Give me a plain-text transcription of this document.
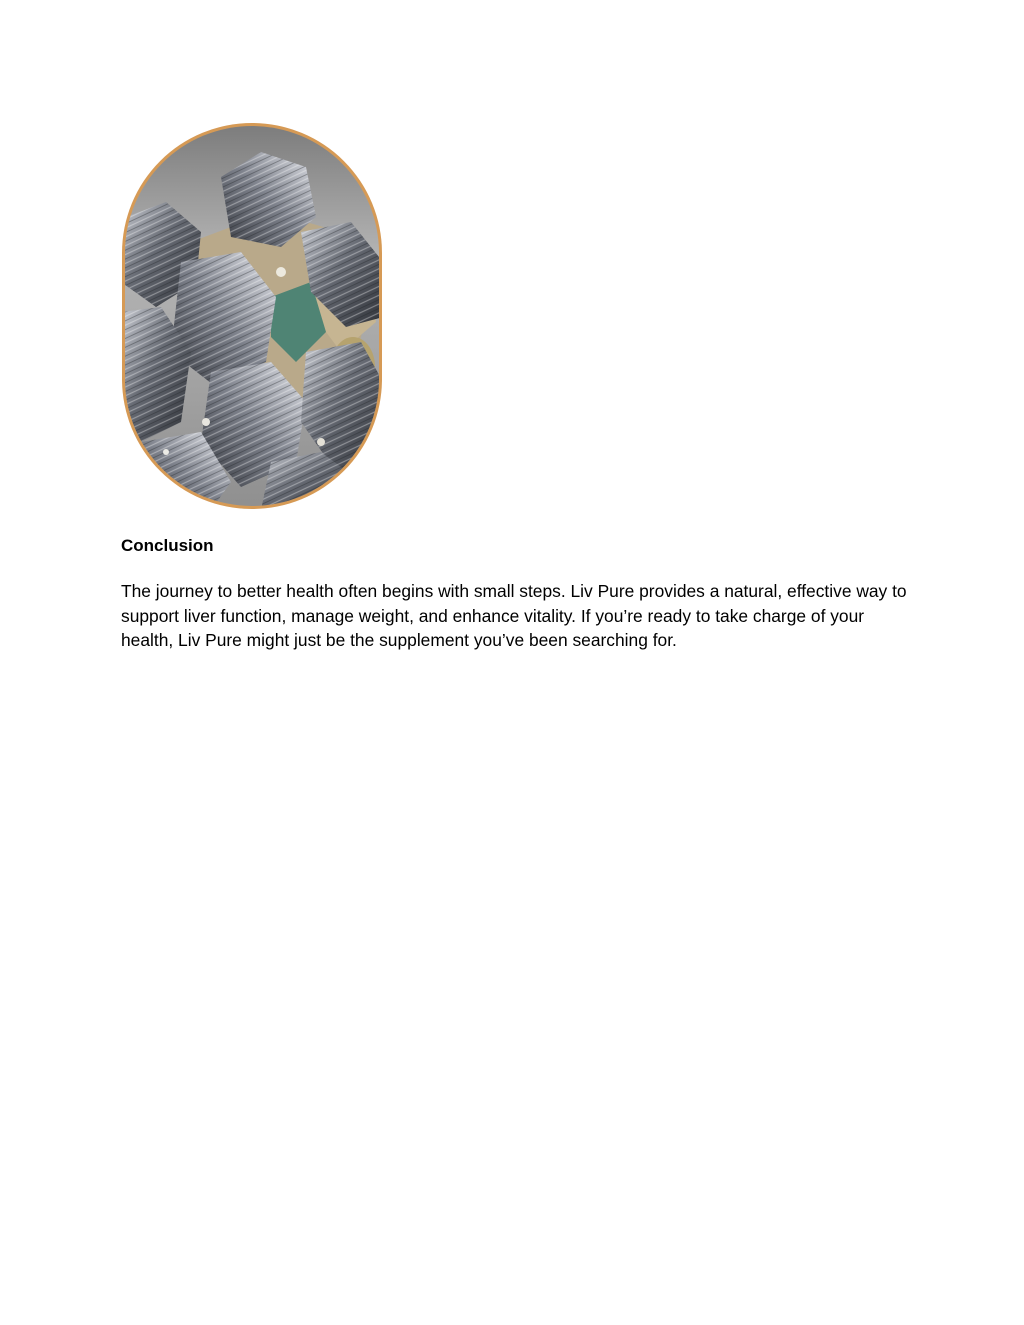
Conclusion

The journey to better health often begins with small steps. Liv Pure provides a natural, effective way to support liver function, manage weight, and enhance vitality. If you’re ready to take charge of your health, Liv Pure might just be the supplement you’ve been searching for.
